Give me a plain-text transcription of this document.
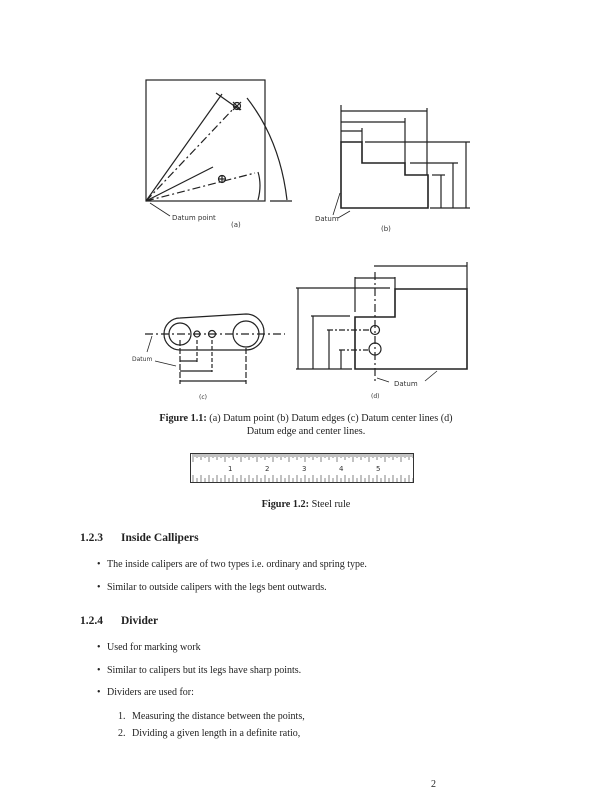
Datum point
(a)
Datum
(b)
Datum
(c)
Datum
(d)
Figure 1.1: (a) Datum point (b) Datum edges (c) Datum center lines (d)
Datum edge and center lines.
1	2	3	4	5
Figure 1.2: Steel rule
1.2.3 Inside Callipers
• The inside calipers are of two types i.e. ordinary and spring type.
• Similar to outside calipers with the legs bent outwards.
1.2.4 Divider
• Used for marking work
• Similar to calipers but its legs have sharp points.
• Dividers are used for:
1. Measuring the distance between the points,
2. Dividing a given length in a definite ratio,
2
